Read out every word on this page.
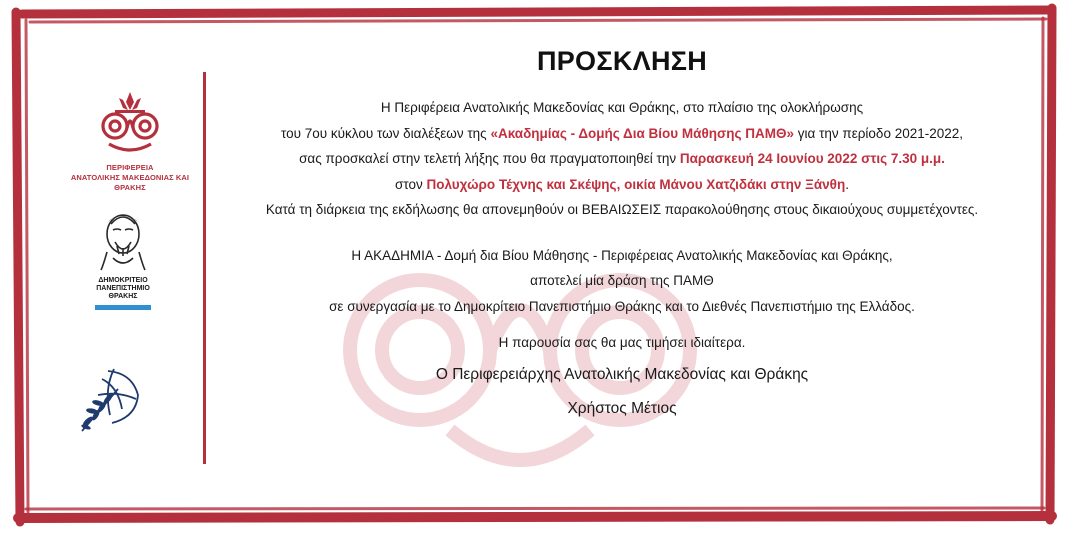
ΠΕΡΙΦΕΡΕΙΑ
ΑΝΑΤΟΛΙΚΗΣ ΜΑΚΕΔΟΝΙΑΣ ΚΑΙ ΘΡΑΚΗΣ
ΔΗΜΟΚΡΙΤΕΙΟ
ΠΑΝΕΠΙΣΤΗΜΙΟ
ΘΡΑΚΗΣ
ΠΡΟΣΚΛΗΣΗ
Η Περιφέρεια Ανατολικής Μακεδονίας και Θράκης, στο πλαίσιο της ολοκλήρωσης
του 7ου κύκλου των διαλέξεων της «Ακαδημίας - Δομής Δια Βίου Μάθησης ΠΑΜΘ» για την περίοδο 2021-2022,
σας προσκαλεί στην τελετή λήξης που θα πραγματοποιηθεί την Παρασκευή 24 Ιουνίου 2022 στις 7.30 μ.μ.
στον Πολυχώρο Τέχνης και Σκέψης, οικία Μάνου Χατζιδάκι στην Ξάνθη.
Κατά τη διάρκεια της εκδήλωσης θα απονεμηθούν οι ΒΕΒΑΙΩΣΕΙΣ παρακολούθησης στους δικαιούχους συμμετέχοντες.
Η ΑΚΑΔΗΜΙΑ - Δομή δια Βίου Μάθησης - Περιφέρειας Ανατολικής Μακεδονίας και Θράκης,
αποτελεί μία δράση της ΠΑΜΘ
σε συνεργασία με το Δημοκρίτειο Πανεπιστήμιο Θράκης και το Διεθνές Πανεπιστήμιο της Ελλάδος.
Η παρουσία σας θα μας τιμήσει ιδιαίτερα.
Ο Περιφερειάρχης Ανατολικής Μακεδονίας και Θράκης
Χρήστος Μέτιος
